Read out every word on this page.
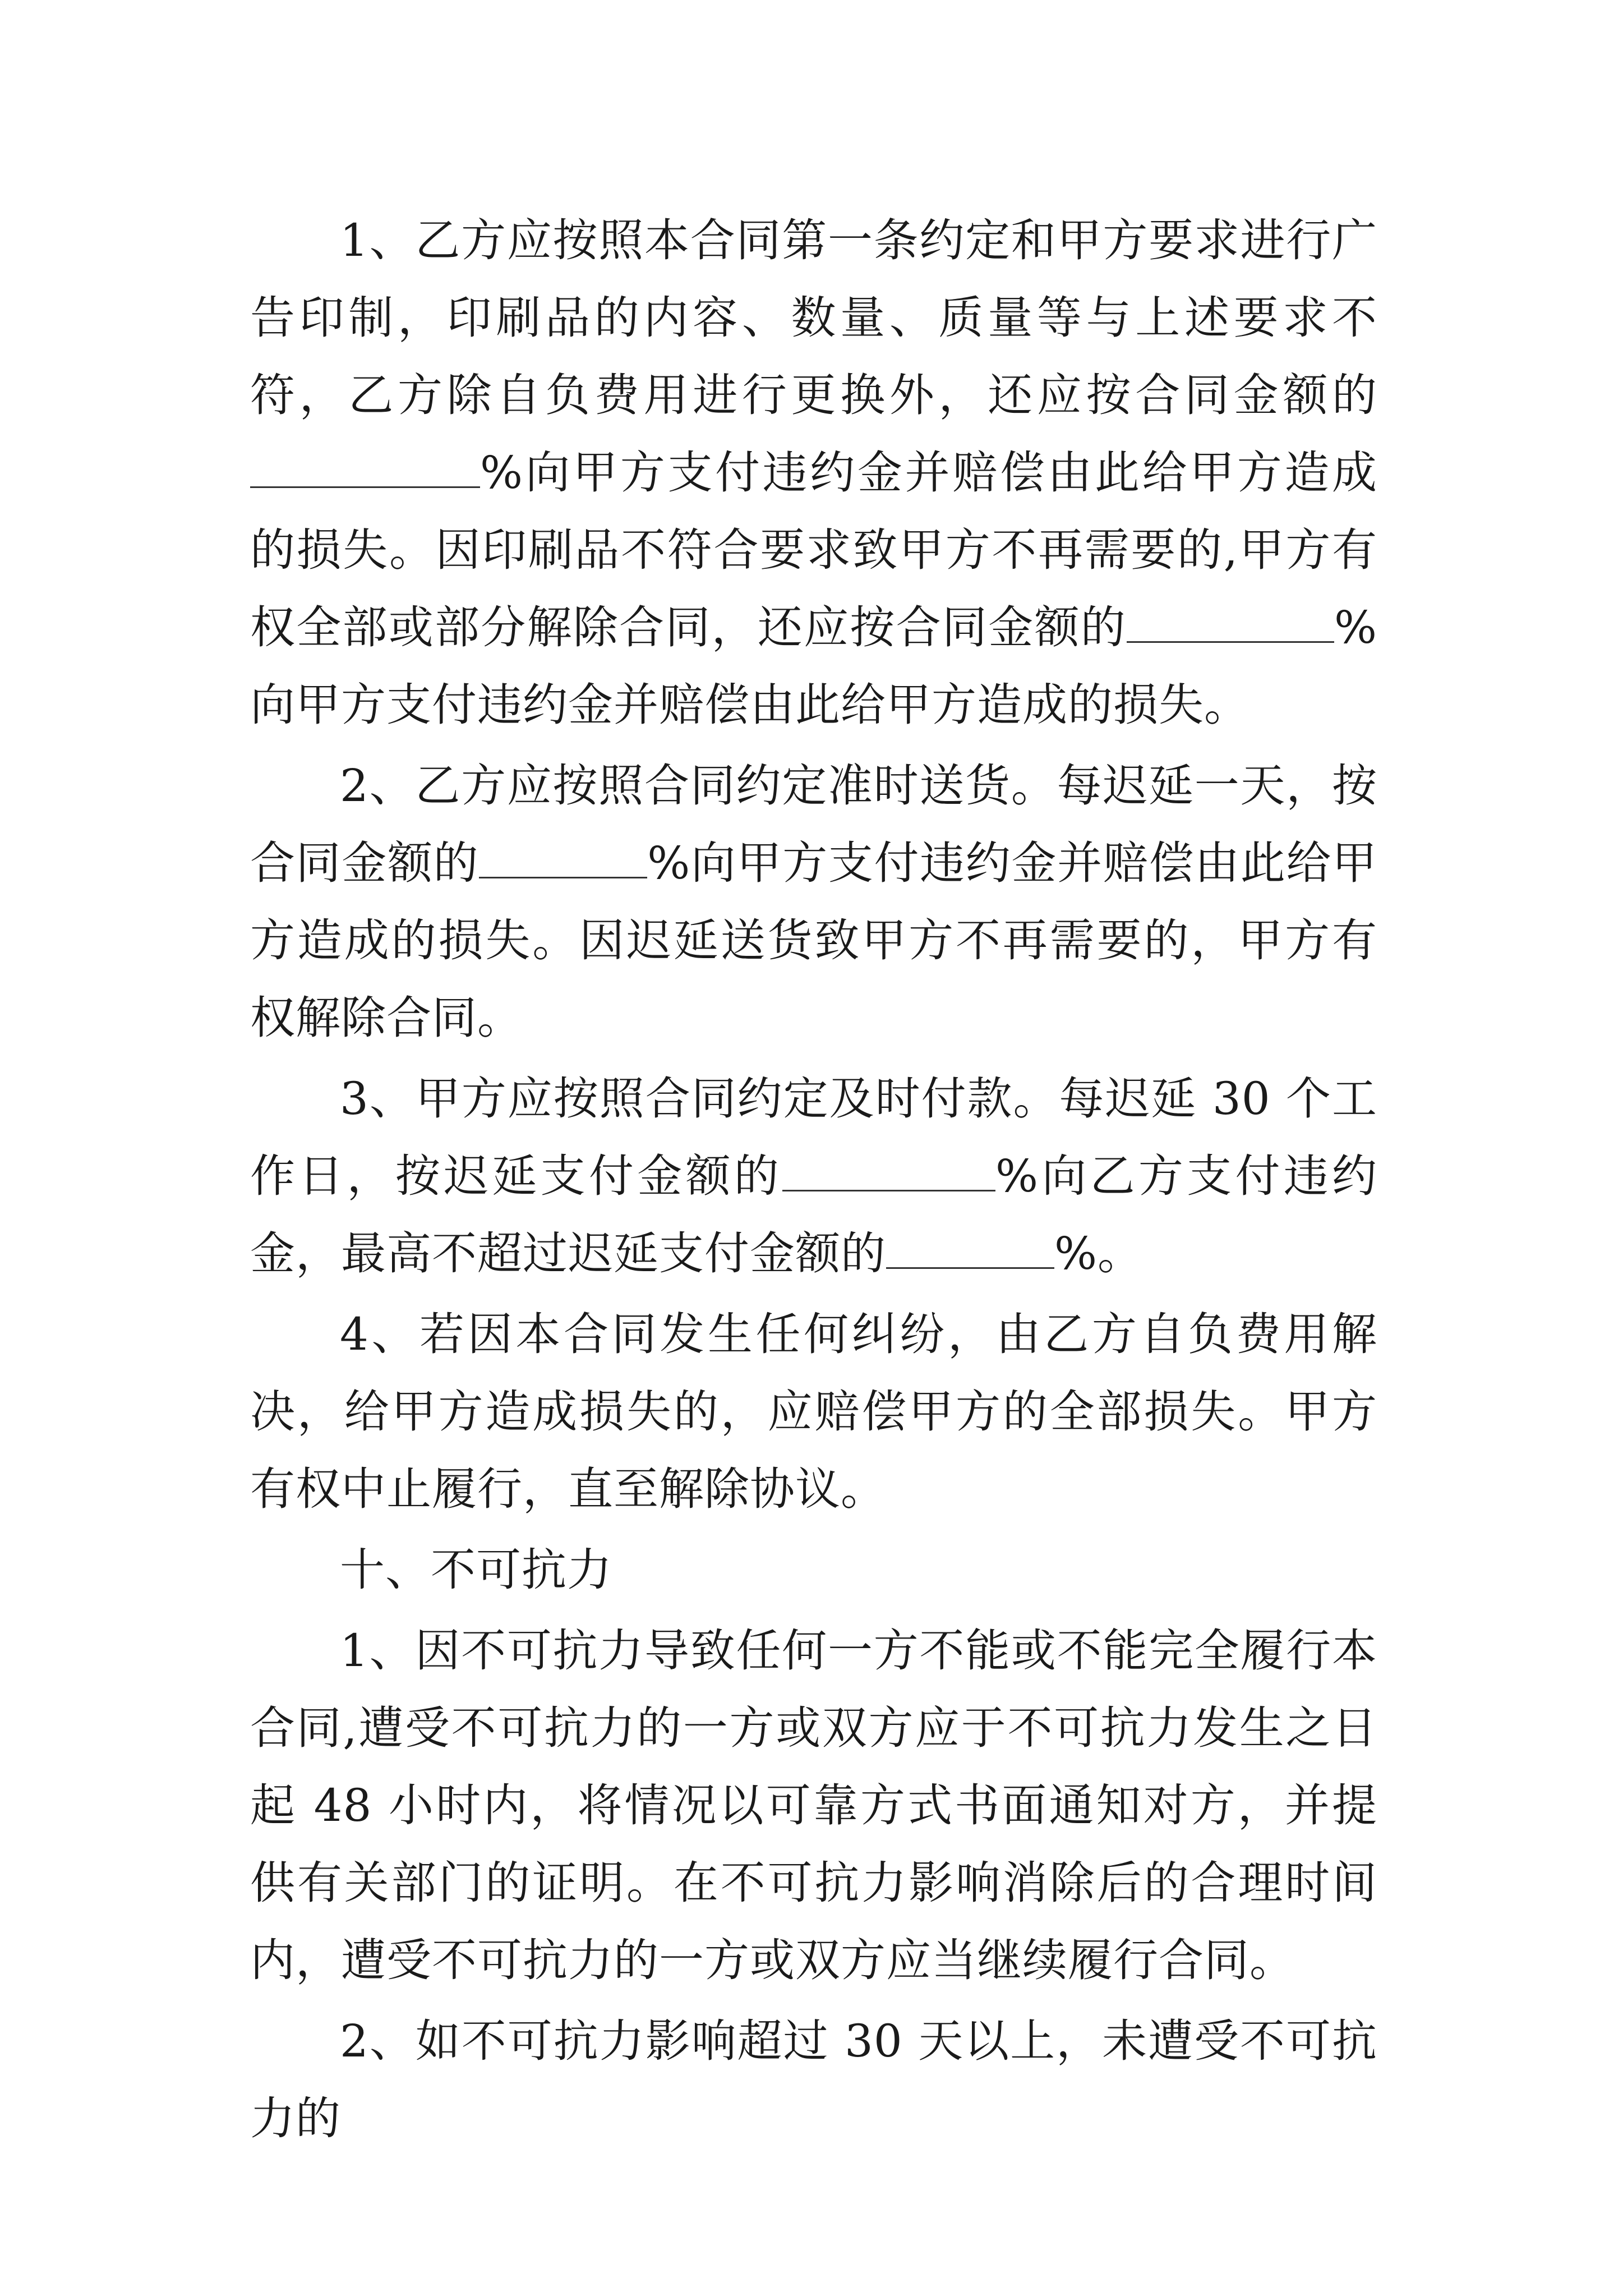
1、乙方应按照本合同第一条约定和甲方要求进行广告印制，印刷品的内容、数量、质量等与上述要求不符，乙方除自负费用进行更换外，还应按合同金额的%向甲方支付违约金并赔偿由此给甲方造成的损失。因印刷品不符合要求致甲方不再需要的,甲方有权全部或部分解除合同，还应按合同金额的	%向甲方支付违约金并赔偿由此给甲方造成的损失。

2、乙方应按照合同约定准时送货。每迟延一天，按合同金额的	%向甲方支付违约金并赔偿由此给甲方造成的损失。因迟延送货致甲方不再需要的，甲方有权解除合同。

3、甲方应按照合同约定及时付款。每迟延 30 个工作日，按迟延支付金额的	%向乙方支付违约金，最高不超过迟延支付金额的	%。

4、若因本合同发生任何纠纷，由乙方自负费用解决，给甲方造成损失的，应赔偿甲方的全部损失。甲方有权中止履行，直至解除协议。

十、不可抗力

1、因不可抗力导致任何一方不能或不能完全履行本合同,遭受不可抗力的一方或双方应于不可抗力发生之日起 48 小时内，将情况以可靠方式书面通知对方，并提供有关部门的证明。在不可抗力影响消除后的合理时间内，遭受不可抗力的一方或双方应当继续履行合同。

2、如不可抗力影响超过 30 天以上，未遭受不可抗力的
